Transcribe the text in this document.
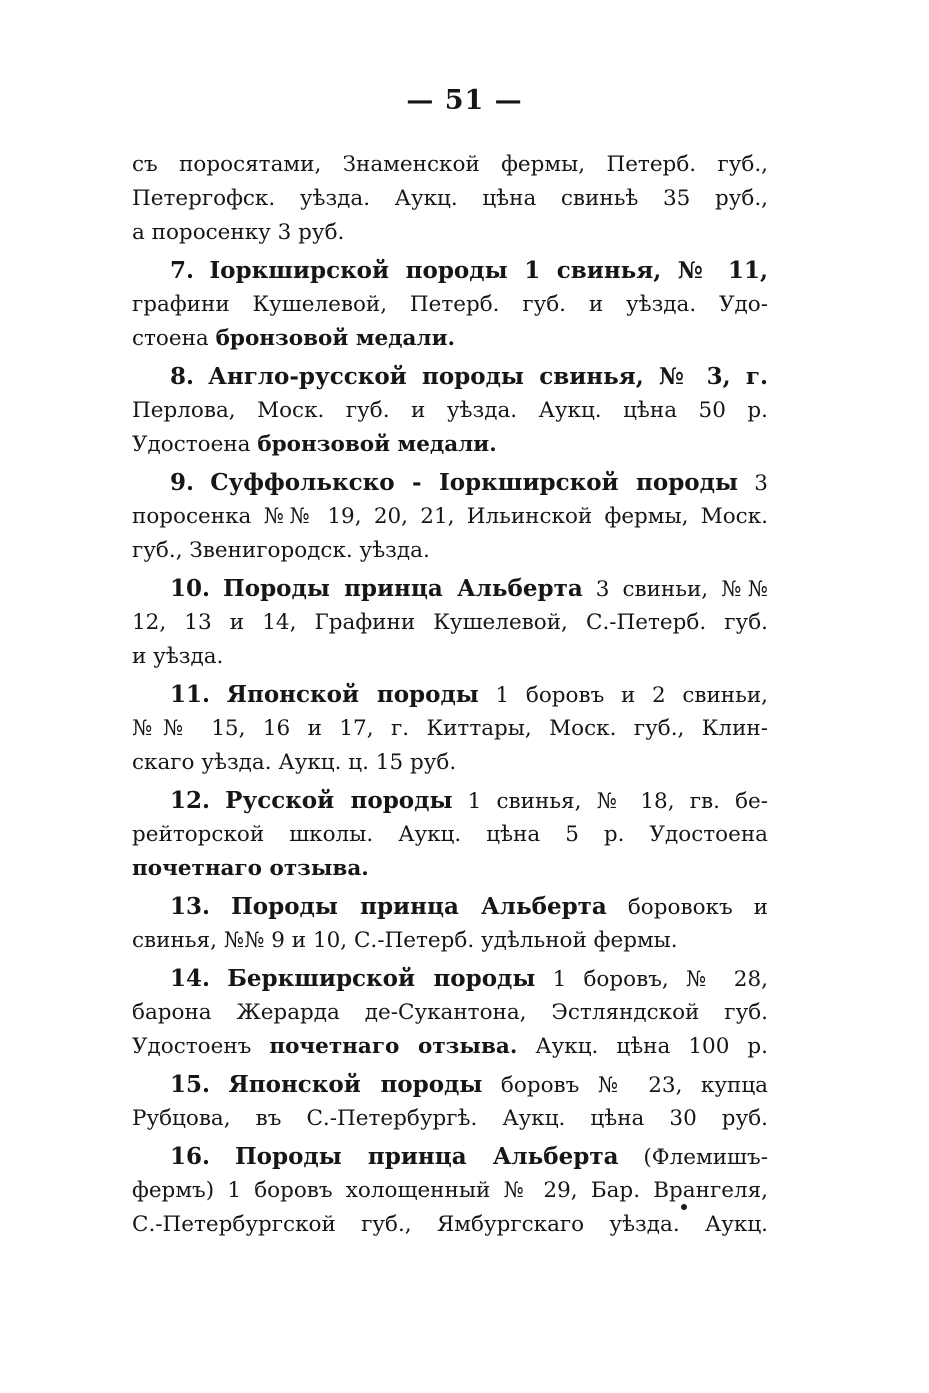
— 51 —
съ поросятами, Знаменской фермы, Петерб. губ.,
Петергофск. уѣзда. Аукц. цѣна свиньѣ 35 руб.,
а поросенку 3 руб.
7. Іоркширской породы 1 свинья, № 11,
графини Кушелевой, Петерб. губ. и уѣзда. Удо-
стоена бронзовой медали.
8. Англо-русской породы свинья, № 3, г.
Перлова, Моск. губ. и уѣзда. Аукц. цѣна 50 р.
Удостоена бронзовой медали.
9. Суффолькско - Іоркширской породы 3
поросенка №№ 19, 20, 21, Ильинской фермы, Моск.
губ., Звенигородск. уѣзда.
10. Породы принца Альберта 3 свиньи, №№
12, 13 и 14, Графини Кушелевой, С.-Петерб. губ.
и уѣзда.
11. Японской породы 1 боровъ и 2 свиньи,
№№ 15, 16 и 17, г. Киттары, Моск. губ., Клин-
скаго уѣзда. Аукц. ц. 15 руб.
12. Русской породы 1 свинья, № 18, гв. бе-
рейторской школы. Аукц. цѣна 5 р. Удостоена
почетнаго отзыва.
13. Породы принца Альберта боровокъ и
свинья, №№ 9 и 10, С.-Петерб. удѣльной фермы.
14. Беркширской породы 1 боровъ, № 28,
барона Жерарда де-Сукантона, Эстляндской губ.
Удостоенъ почетнаго отзыва. Аукц. цѣна 100 р.
15. Японской породы боровъ № 23, купца
Рубцова, въ С.-Петербургѣ. Аукц. цѣна 30 руб.
16. Породы принца Альберта (Флемишъ-
фермъ) 1 боровъ холощенный № 29, Бар. Врангеля,
С.-Петербургской губ., Ямбургскаго уѣзда. Аукц.
